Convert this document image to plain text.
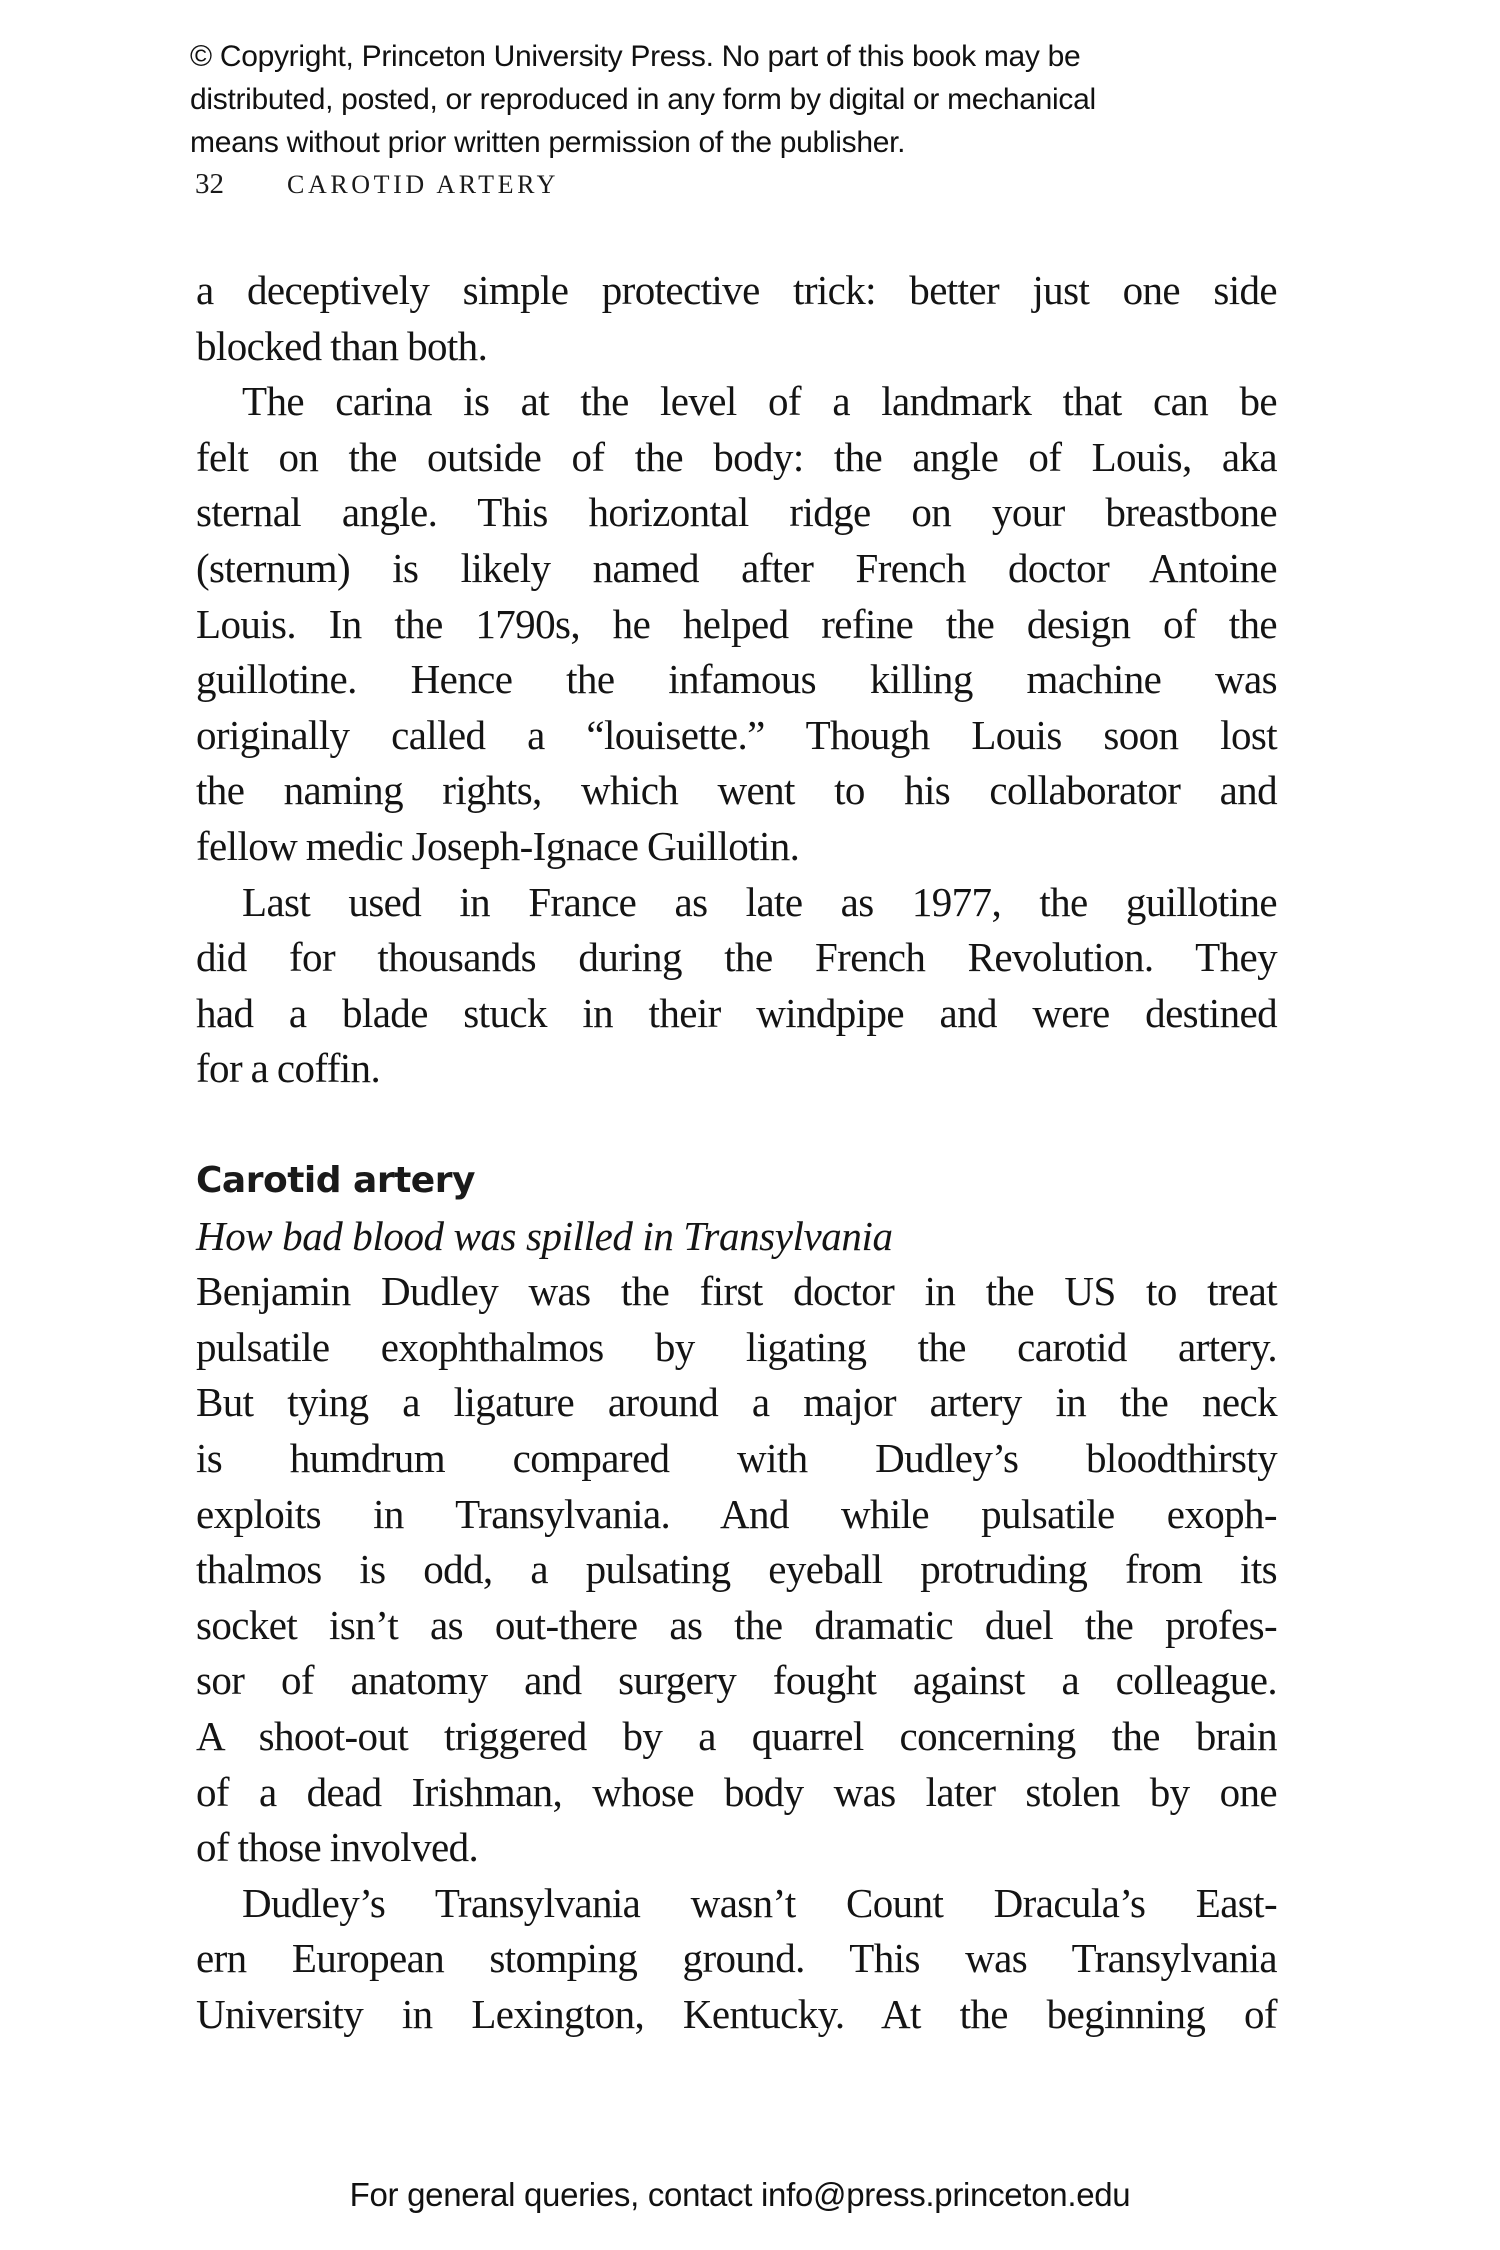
© Copyright, Princeton University Press. No part of this book may be
distributed, posted, or reproduced in any form by digital or mechanical
means without prior written permission of the publisher.
32 CAROTID ARTERY
a deceptively simple protective trick: better just one side
blocked than both.
The carina is at the level of a landmark that can be
felt on the outside of the body: the angle of Louis, aka
sternal angle. This horizontal ridge on your breastbone
(sternum) is likely named after French doctor Antoine
Louis. In the 1790s, he helped refine the design of the
guillotine. Hence the infamous killing machine was
originally called a “louisette.” Though Louis soon lost
the naming rights, which went to his collaborator and
fellow medic Joseph-Ignace Guillotin.
Last used in France as late as 1977, the guillotine
did for thousands during the French Revolution. They
had a blade stuck in their windpipe and were destined
for a coffin.
Carotid artery
How bad blood was spilled in Transylvania
Benjamin Dudley was the first doctor in the US to treat
pulsatile exophthalmos by ligating the carotid artery.
But tying a ligature around a major artery in the neck
is humdrum compared with Dudley’s bloodthirsty
exploits in Transylvania. And while pulsatile exoph-
thalmos is odd, a pulsating eyeball protruding from its
socket isn’t as out-there as the dramatic duel the profes-
sor of anatomy and surgery fought against a colleague.
A shoot-out triggered by a quarrel concerning the brain
of a dead Irishman, whose body was later stolen by one
of those involved.
Dudley’s Transylvania wasn’t Count Dracula’s East-
ern European stomping ground. This was Transylvania
University in Lexington, Kentucky. At the beginning of
For general queries, contact info@press.princeton.edu
